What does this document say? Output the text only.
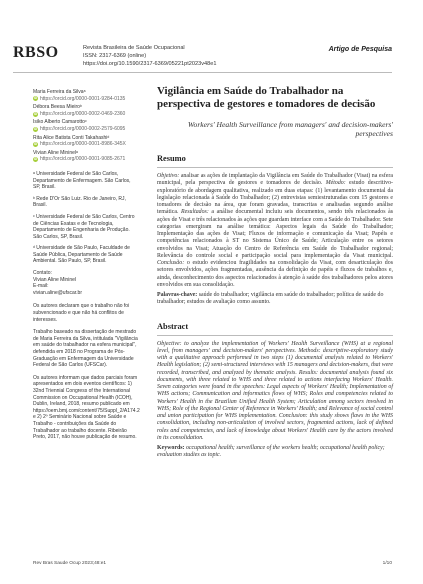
RBSO	Revista Brasileira de Saúde Ocupacional
ISSN: 2317-6369 (online)
https://doi.org/10.1590/2317-6369/05221pt2023v48e1
Artigo de Pesquisa
Maria Ferreira da Silvaᵃ
iD https://orcid.org/0000-0001-9284-0135
Débora Beesa Mieiroᵇ
iD https://orcid.org/0000-0002-0469-2360
Isiko Alberto Camarottoᶜ
iD https://orcid.org/0000-0002-2579-6095
Rita Alice Batista Conti Takahashiᵈ
iD https://orcid.org/0000-0001-8986-345X
Vivian Aline Mininelᵃ
iD https://orcid.org/0000-0001-9085-2671
ᵃ Universidade Federal de São Carlos, Departamento de Enfermagem. São Carlos, SP, Brasil.
ᵇ Rede D'Or São Luiz. Rio de Janeiro, RJ, Brasil.
ᶜ Universidade Federal de São Carlos, Centro de Ciências Exatas e de Tecnologia, Departamento de Engenharia de Produção. São Carlos, SP, Brasil.
ᵈ Universidade de São Paulo, Faculdade de Saúde Pública, Departamento de Saúde Ambiental. São Paulo, SP, Brasil.
Contato:
Vivian Aline Mininel
E-mail:
vivian.aline@ufscar.br
Os autores declaram que o trabalho não foi subvencionado e que não há conflitos de interesses.
Trabalho baseado na dissertação de mestrado de Maria Ferreira da Silva, intitulada "Vigilância em saúde do trabalhador na esfera municipal", defendida em 2018 no Programa de Pós-Graduação em Enfermagem da Universidade Federal de São Carlos (UFSCar).
Os autores informam que dados parciais foram apresentados em dois eventos científicos: 1) 32nd Triennial Congress of the International Commission on Occupational Health (ICOH), Dublin, Ireland, 2018, resumo publicado em https://oem.bmj.com/content/75/Suppl_2/A174.2 e 2) 2º Seminário Nacional sobre Saúde e Trabalho - contribuições da Saúde do Trabalhador ao trabalho docente. Ribeirão Preto, 2017, não houve publicação de resumo.
Vigilância em Saúde do Trabalhador na perspectiva de gestores e tomadores de decisão
Workers' Health Surveillance from managers' and decision-makers' perspectives
Resumo
Objetivo: analisar as ações de implantação da Vigilância em Saúde do Trabalhador (Visat) na esfera municipal, pela perspectiva de gestores e tomadores de decisão. Método: estudo descritivo-exploratório de abordagem qualitativa, realizado em duas etapas: (1) levantamento documental da legislação relacionada à Saúde do Trabalhador; (2) entrevistas semiestruturadas com 15 gestores e tomadores de decisão na área, que foram gravadas, transcritas e analisadas segundo análise temática. Resultados: a análise documental incluiu seis documentos, sendo três relacionados às ações de Visat e três relacionados às ações que guardam interface com a Saúde do Trabalhador. Sete categorias emergiram na análise temática: Aspectos legais da Saúde do Trabalhador; Implementação das ações de Visat; Fluxos de informação e comunicação da Visat; Papéis e competências relacionados à ST no Sistema Único de Saúde; Articulação entre os setores envolvidos na Visat; Atuação do Centro de Referência em Saúde do Trabalhador regional; Relevância do controle social e participação social para implementação da Visat municipal. Conclusão: o estudo evidenciou fragilidades na consolidação da Visat, com desarticulação dos setores envolvidos, ações fragmentadas, ausência da definição de papéis e fluxos de trabalhos e, ainda, desconhecimento dos aspectos relacionados à atenção à saúde dos trabalhadores pelos atores envolvidos em sua consolidação.
Palavras-chave: saúde do trabalhador; vigilância em saúde do trabalhador; política de saúde do trabalhador; estudos de avaliação como assunto.
Abstract
Objective: to analyze the implementation of Workers' Health Surveillance (WHS) at a regional level, from managers' and decision-makers' perspectives. Methods: descriptive-exploratory study with a qualitative approach performed in two steps (1) documental analysis related to Workers' Health legislation; (2) semi-structured interviews with 15 managers and decision-makers, that were recorded, transcribed, and analyzed by thematic analysis. Results: documental analysis found six documents, with three related to WHS and three related to actions interfacing Workers' Health. Seven categories were found in the speeches: Legal aspects of Workers' Health; Implementation of WHS actions; Communication and informatics flows of WHS; Roles and competencies related to Workers' Health in the Brazilian Unified Health System; Articulation among sectors involved in WHS; Role of the Regional Center of Reference in Workers' Health; and Relevance of social control and union participation for WHS implementation. Conclusion: this study shows flaws in the WHS consolidation, including non-articulation of involved sectors, fragmented actions, lack of defined roles and competencies, and lack of knowledge about Workers' Health care by the actors involved in its consolidation.
Keywords: occupational health; surveillance of the workers health; occupational health policy; evaluation studies as topic.
Rev Bras Saude Ocup 2023;48:e1	1/10
